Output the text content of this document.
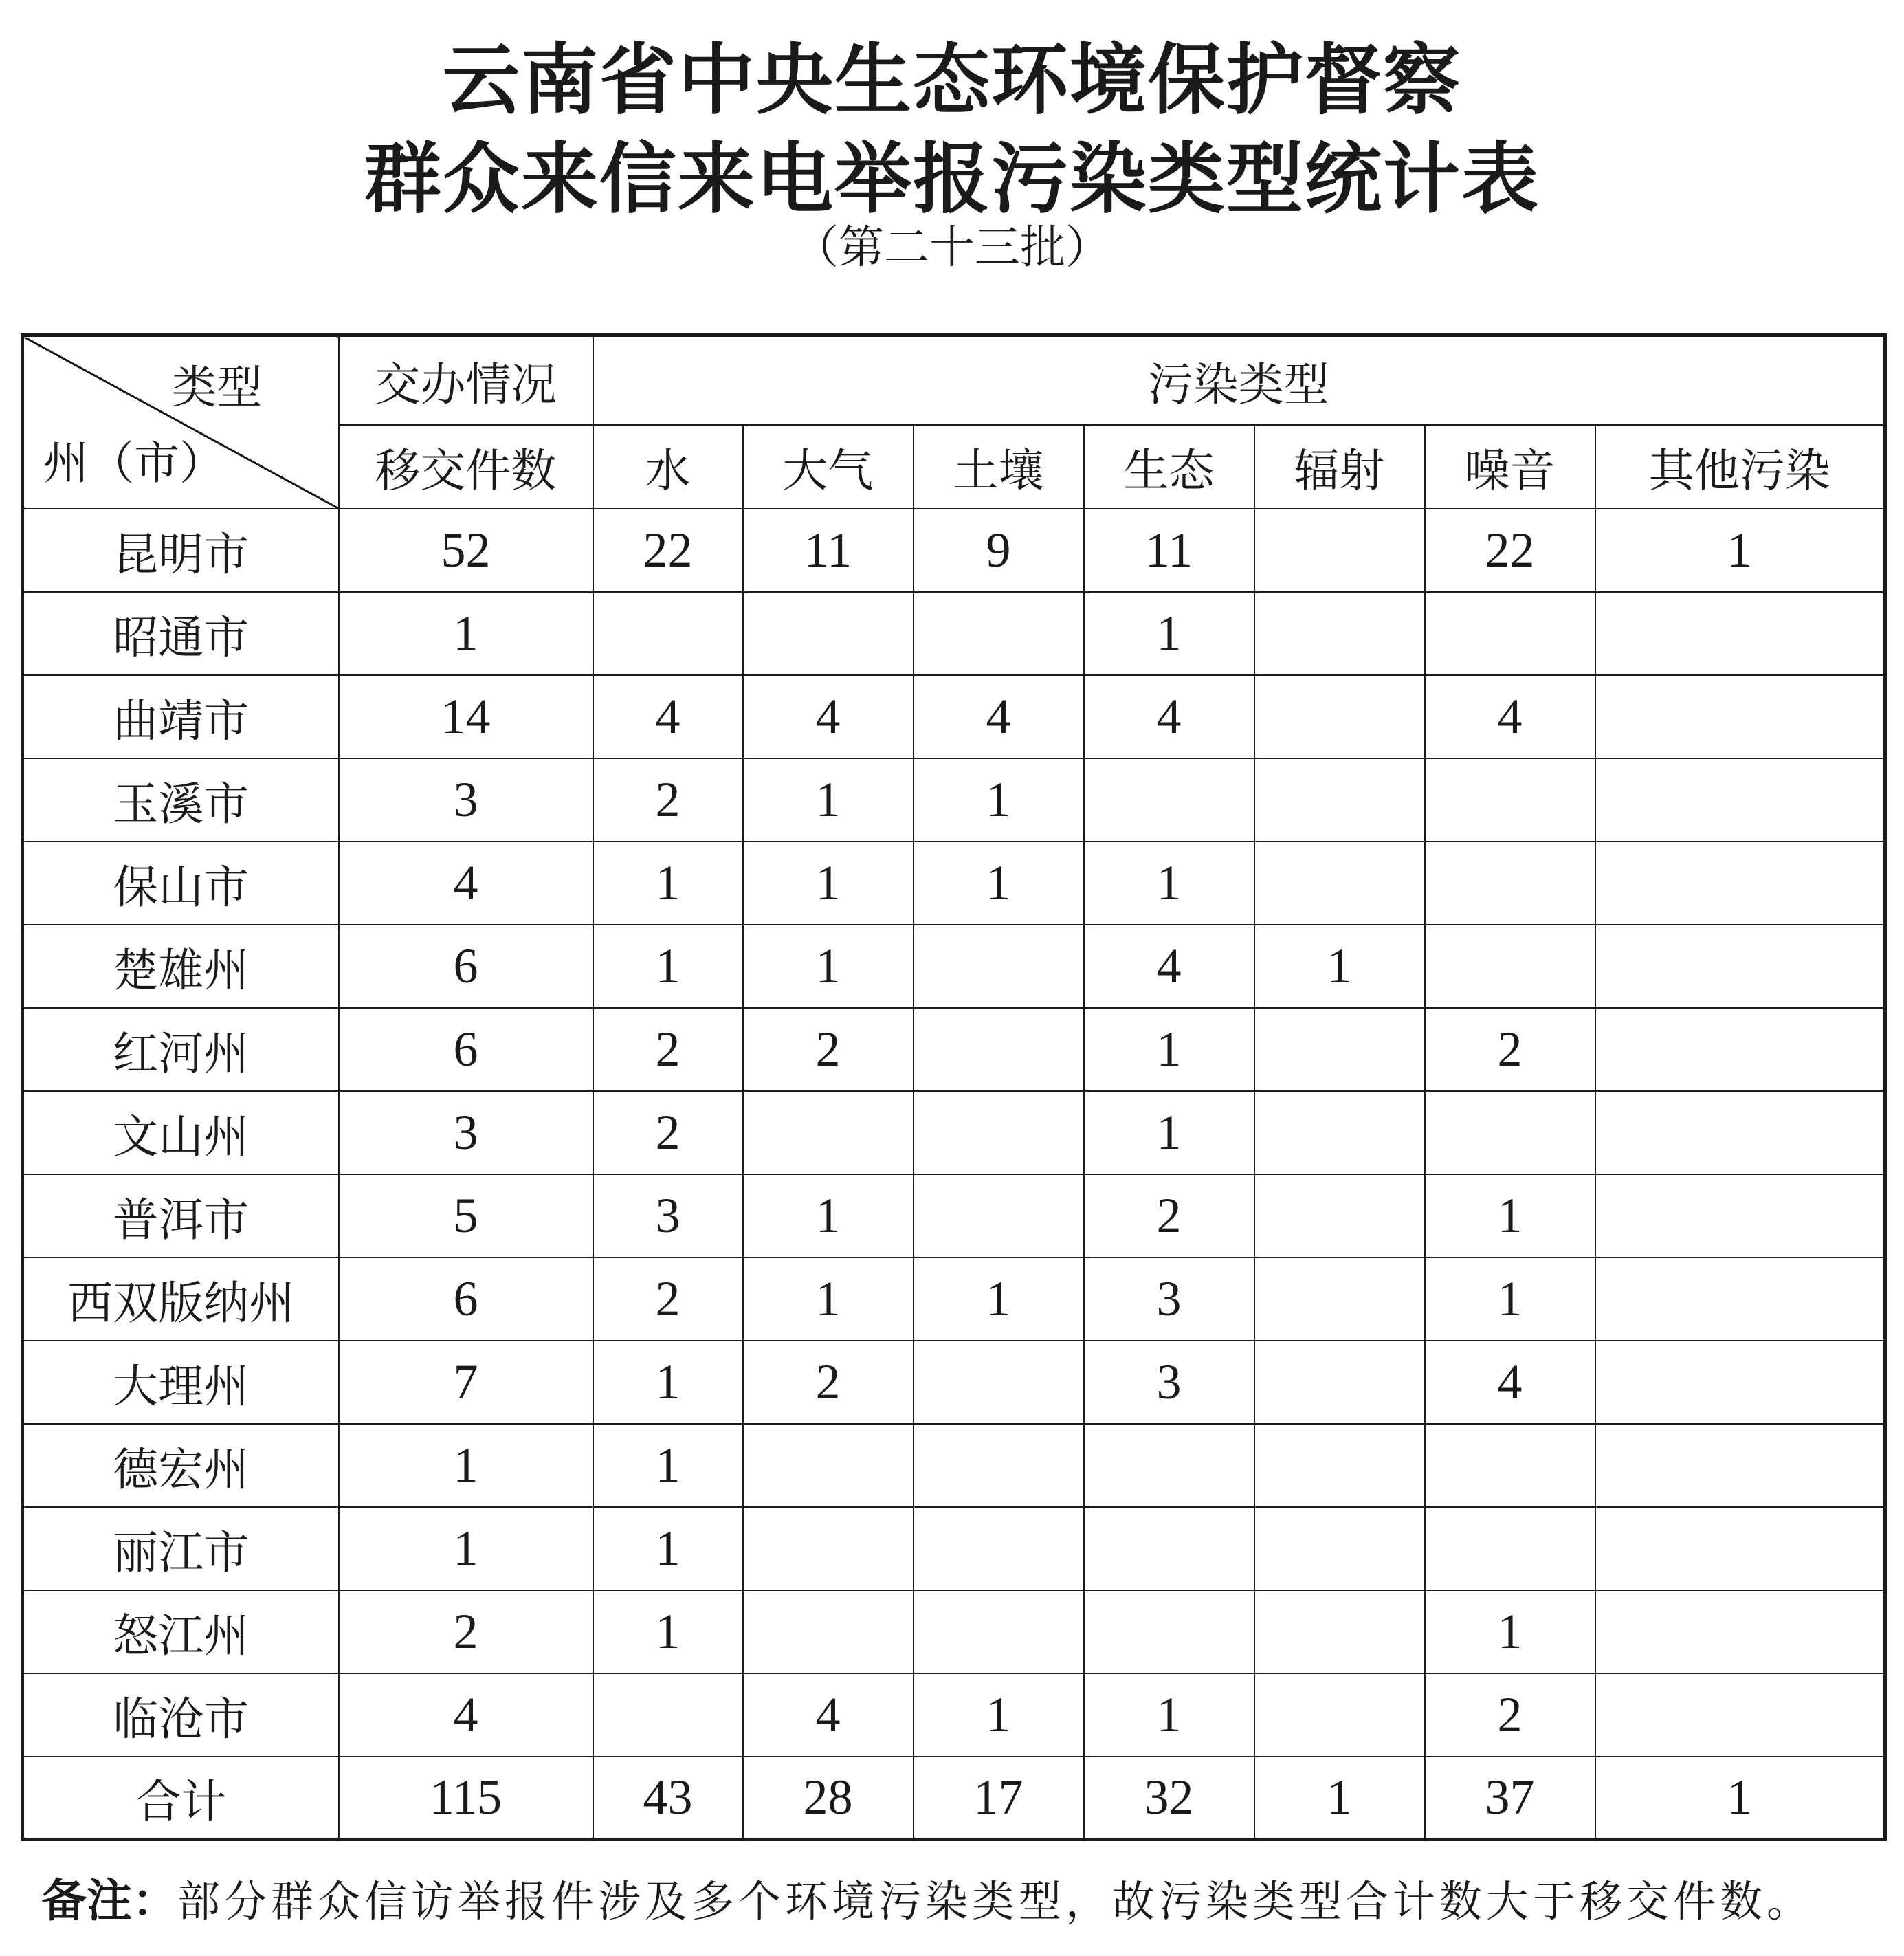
云南省中央生态环境保护督察
群众来信来电举报污染类型统计表
（第二十三批）
类型
州（市）	交办情况	污染类型						
	移交件数	水	大气	土壤	生态	辐射	噪音	其他污染
昆明市	52	22	11	9	11		22	1
昭通市	1				1			
曲靖市	14	4	4	4	4		4	
玉溪市	3	2	1	1				
保山市	4	1	1	1	1			
楚雄州	6	1	1		4	1		
红河州	6	2	2		1		2	
文山州	3	2			1			
普洱市	5	3	1		2		1	
西双版纳州	6	2	1	1	3		1	
大理州	7	1	2		3		4	
德宏州	1	1						
丽江市	1	1						
怒江州	2	1					1	
临沧市	4		4	1	1		2	
合计	115	43	28	17	32	1	37	1
备注：部分群众信访举报件涉及多个环境污染类型，故污染类型合计数大于移交件数。
